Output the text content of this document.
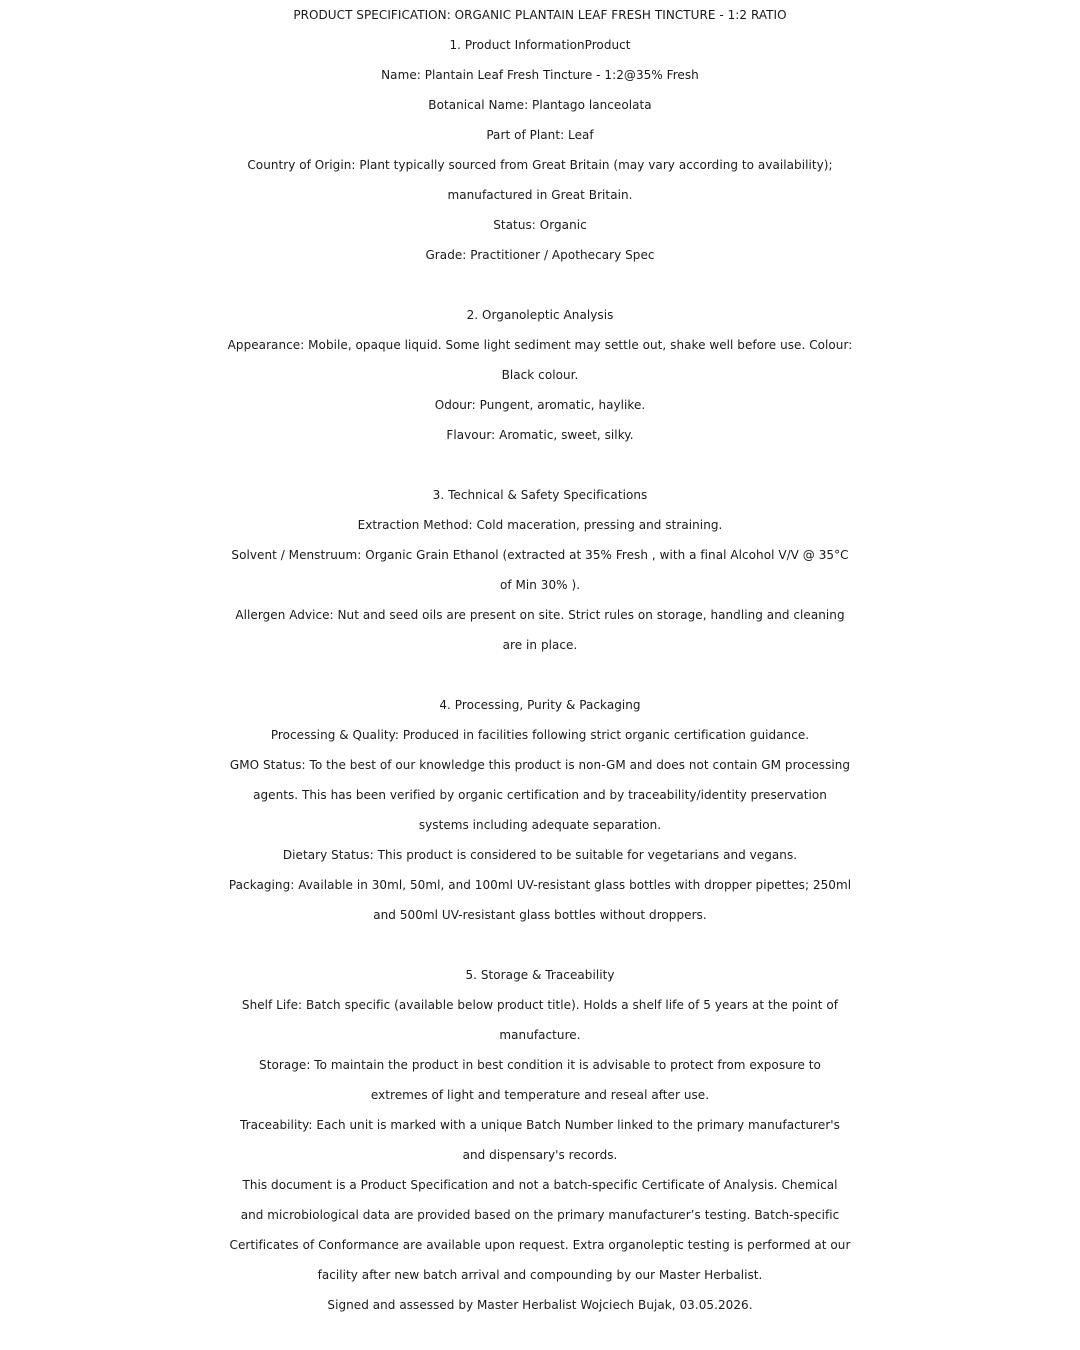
PRODUCT SPECIFICATION: ORGANIC PLANTAIN LEAF FRESH TINCTURE - 1:2 RATIO
1. Product InformationProduct
Name: Plantain Leaf Fresh Tincture - 1:2@35% Fresh
Botanical Name: Plantago lanceolata
Part of Plant: Leaf
Country of Origin: Plant typically sourced from Great Britain (may vary according to availability);
manufactured in Great Britain.
Status: Organic
Grade: Practitioner / Apothecary Spec
2. Organoleptic Analysis
Appearance: Mobile, opaque liquid. Some light sediment may settle out, shake well before use. Colour:
Black colour.
Odour: Pungent, aromatic, haylike.
Flavour: Aromatic, sweet, silky.
3. Technical & Safety Specifications
Extraction Method: Cold maceration, pressing and straining.
Solvent / Menstruum: Organic Grain Ethanol (extracted at 35% Fresh , with a final Alcohol V/V @ 35°C
of Min 30% ).
Allergen Advice: Nut and seed oils are present on site. Strict rules on storage, handling and cleaning
are in place.
4. Processing, Purity & Packaging
Processing & Quality: Produced in facilities following strict organic certification guidance.
GMO Status: To the best of our knowledge this product is non-GM and does not contain GM processing
agents. This has been verified by organic certification and by traceability/identity preservation
systems including adequate separation.
Dietary Status: This product is considered to be suitable for vegetarians and vegans.
Packaging: Available in 30ml, 50ml, and 100ml UV-resistant glass bottles with dropper pipettes; 250ml
and 500ml UV-resistant glass bottles without droppers.
5. Storage & Traceability
Shelf Life: Batch specific (available below product title). Holds a shelf life of 5 years at the point of
manufacture.
Storage: To maintain the product in best condition it is advisable to protect from exposure to
extremes of light and temperature and reseal after use.
Traceability: Each unit is marked with a unique Batch Number linked to the primary manufacturer's
and dispensary's records.
This document is a Product Specification and not a batch-specific Certificate of Analysis. Chemical
and microbiological data are provided based on the primary manufacturer’s testing. Batch-specific
Certificates of Conformance are available upon request. Extra organoleptic testing is performed at our
facility after new batch arrival and compounding by our Master Herbalist.
Signed and assessed by Master Herbalist Wojciech Bujak, 03.05.2026.
